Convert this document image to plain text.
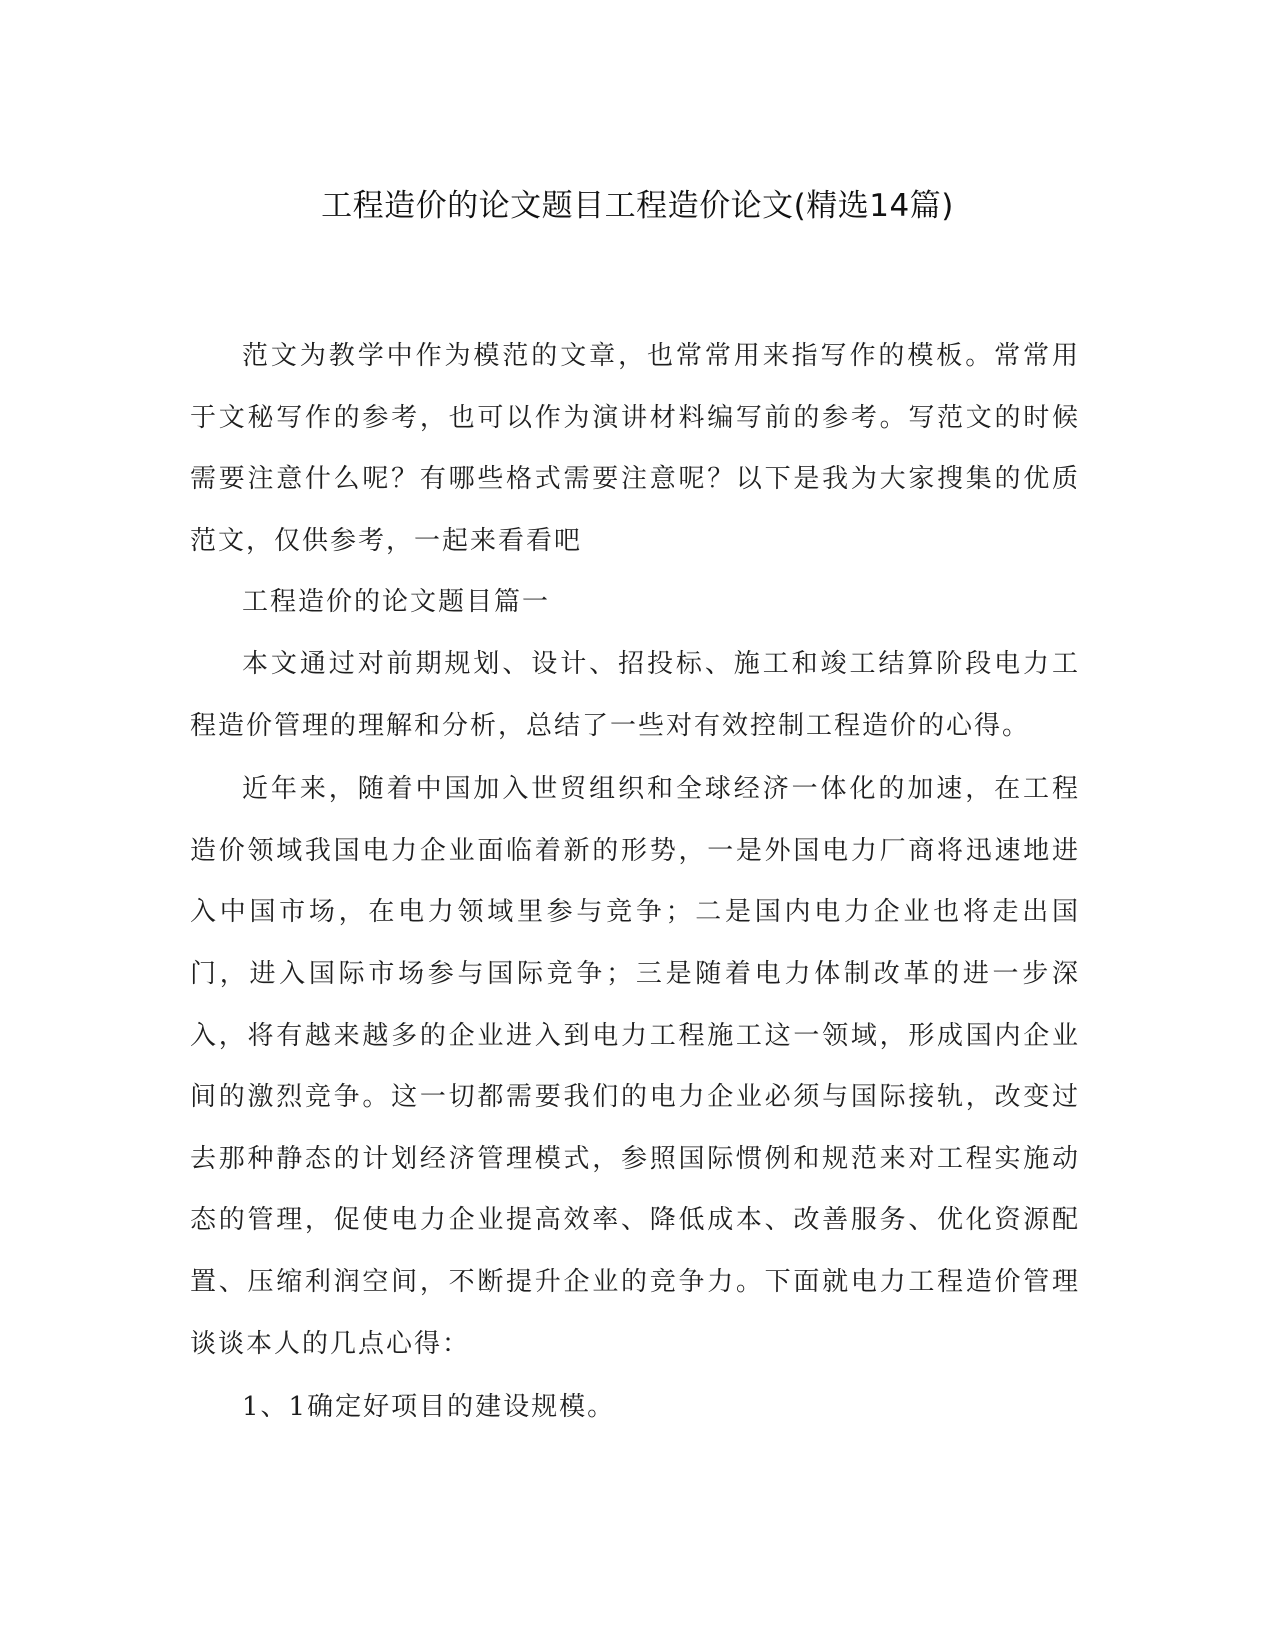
工程造价的论文题目工程造价论文(精选14篇)

范文为教学中作为模范的文章，也常常用来指写作的模板。常常用于文秘写作的参考，也可以作为演讲材料编写前的参考。写范文的时候需要注意什么呢？有哪些格式需要注意呢？以下是我为大家搜集的优质范文，仅供参考，一起来看看吧

工程造价的论文题目篇一

本文通过对前期规划、设计、招投标、施工和竣工结算阶段电力工程造价管理的理解和分析，总结了一些对有效控制工程造价的心得。

近年来，随着中国加入世贸组织和全球经济一体化的加速，在工程造价领域我国电力企业面临着新的形势，一是外国电力厂商将迅速地进入中国市场，在电力领域里参与竞争；二是国内电力企业也将走出国门，进入国际市场参与国际竞争；三是随着电力体制改革的进一步深入，将有越来越多的企业进入到电力工程施工这一领域，形成国内企业间的激烈竞争。这一切都需要我们的电力企业必须与国际接轨，改变过去那种静态的计划经济管理模式，参照国际惯例和规范来对工程实施动态的管理，促使电力企业提高效率、降低成本、改善服务、优化资源配置、压缩利润空间，不断提升企业的竞争力。下面就电力工程造价管理谈谈本人的几点心得：

1、1确定好项目的建设规模。
